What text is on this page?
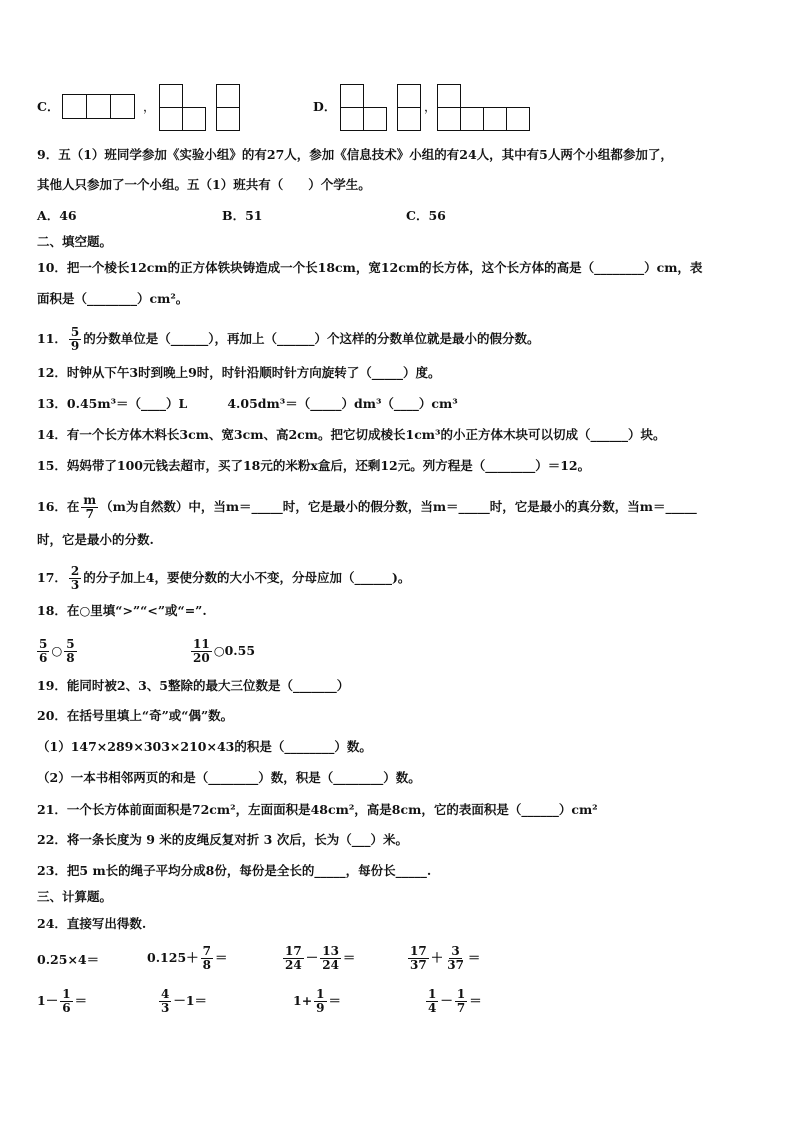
C．	，	D．	，
9．五（1）班同学参加《实验小组》的有27人，参加《信息技术》小组的有24人，其中有5人两个小组都参加了，
其他人只参加了一个小组。五（1）班共有（　　）个学生。
A．46	B．51	C．56
二、填空题。
10．把一个棱长12cm的正方体铁块铸造成一个长18cm，宽12cm的长方体，这个长方体的高是（________）cm，表
面积是（________）cm²。
11． $\frac{5}{9}$ 的分数单位是（______），再加上（______）个这样的分数单位就是最小的假分数。
12．时钟从下午3时到晚上9时，时针沿顺时针方向旋转了（_____）度。
13．0.45m³＝（____）L	4.05dm³＝（_____）dm³（____）cm³
14．有一个长方体木料长3cm、宽3cm、高2cm。把它切成棱长1cm³的小正方体木块可以切成（______）块。
15．妈妈带了100元钱去超市，买了18元的米粉x盒后，还剩12元。列方程是（________）＝12。
16．在 $\frac{m}{7} (m$为自然数）中，当m＝_____时，它是最小的假分数，当m＝_____时，它是最小的真分数，当m＝_____
时，它是最小的分数.
17． $\frac{2}{3}$ 的分子加上4，要使分数的大小不变，分母应加（______)。
18．在○里填“>”“<”或“=”.
$\frac{5}{6}$ ○ $\frac{5}{8}$	$\frac{11}{20}$ ○0.55
19．能同时被2、3、5整除的最大三位数是（_______）
20．在括号里填上“奇”或“偶”数。
（1）147×289×303×210×43的积是（________）数。
（2）一本书相邻两页的和是（________）数，积是（________）数。
21．一个长方体前面面积是72cm²，左面面积是48cm²，高是8cm，它的表面积是（______）cm²
22．将一条长度为 9 米的皮绳反复对折 3 次后，长为（___）米。
23．把5 m长的绳子平均分成8份，每份是全长的_____，每份长_____.
三、计算题。
24．直接写出得数.
0.25×4＝	$0.125+ \frac{7}{8}$ ＝	$\frac{17}{24} - \frac{13}{24}$ ＝	$\frac{17}{37} + \frac{3}{37}$ ＝
$1- \frac{1}{6}$ ＝	$\frac{4}{3} -1=$	$1+ \frac{1}{9}$ ＝	$\frac{1}{4} - \frac{1}{7}$ ＝
